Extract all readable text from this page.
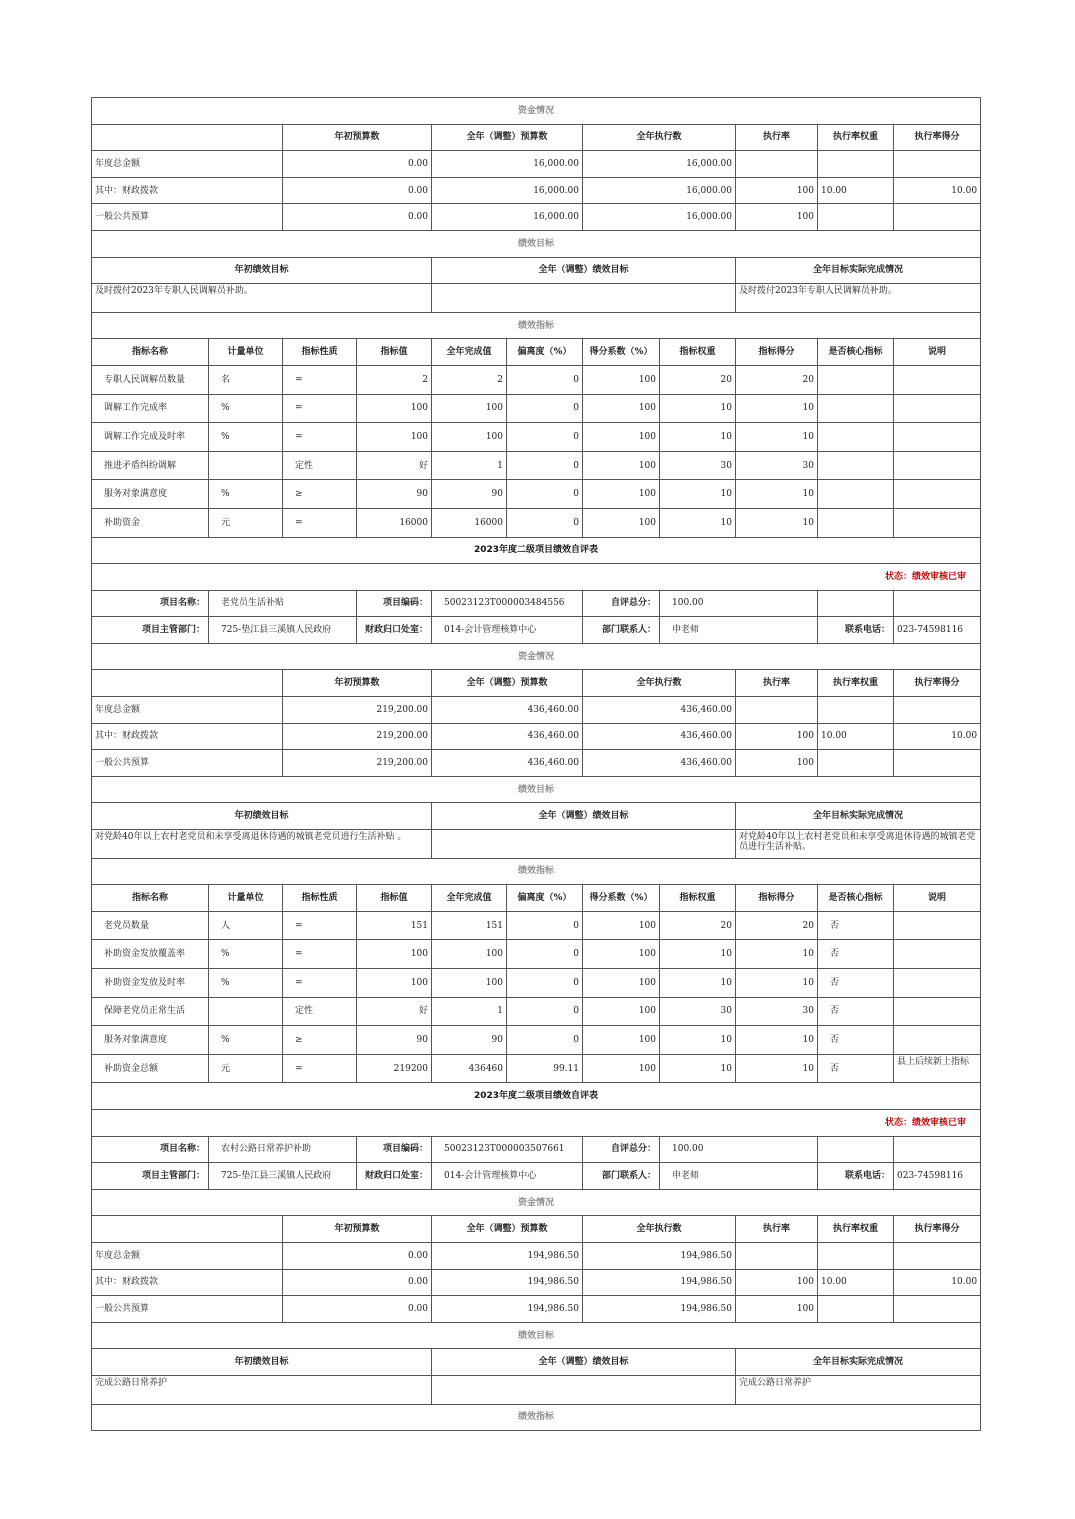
资金情况										
		年初预算数		全年（调整）预算数		全年执行数		执行率	执行率权重	执行率得分
年度总金额		0.00		16,000.00		16,000.00				
其中：财政拨款		0.00		16,000.00		16,000.00		100	10.00	10.00
一般公共预算		0.00		16,000.00		16,000.00		100		
绩效目标										
年初绩效目标				全年（调整）绩效目标				全年目标实际完成情况		
及时拨付2023年专职人民调解员补助。								及时拨付2023年专职人民调解员补助。		
绩效指标										
指标名称	计量单位	指标性质	指标值	全年完成值	偏离度（%）	得分系数（%）	指标权重	指标得分	是否核心指标	说明
专职人民调解员数量	名	=	2	2	0	100	20	20		
调解工作完成率	%	=	100	100	0	100	10	10		
调解工作完成及时率	%	=	100	100	0	100	10	10		
推进矛盾纠纷调解		定性	好	1	0	100	30	30		
服务对象满意度	%	≥	90	90	0	100	10	10		
补助资金	元	=	16000	16000	0	100	10	10		
2023年度二级项目绩效自评表										
状态：绩效审核已审										
项目名称：	老党员生活补贴		项目编码：	50023123T000003484556		自评总分：	100.00			
项目主管部门：	725-垫江县三溪镇人民政府		财政归口处室：	014-会计管理核算中心		部门联系人：	申老师		联系电话：	023-74598116
资金情况										
		年初预算数		全年（调整）预算数		全年执行数		执行率	执行率权重	执行率得分
年度总金额		219,200.00		436,460.00		436,460.00				
其中：财政拨款		219,200.00		436,460.00		436,460.00		100	10.00	10.00
一般公共预算		219,200.00		436,460.00		436,460.00		100		
绩效目标										
年初绩效目标				全年（调整）绩效目标				全年目标实际完成情况		
对党龄40年以上农村老党员和未享受离退休待遇的城镇老党员进行生活补贴 。								对党龄40年以上农村老党员和未享受离退休待遇的城镇老党员进行生活补贴。		
绩效指标										
指标名称	计量单位	指标性质	指标值	全年完成值	偏离度（%）	得分系数（%）	指标权重	指标得分	是否核心指标	说明
老党员数量	人	=	151	151	0	100	20	20	否	
补助资金发放覆盖率	%	=	100	100	0	100	10	10	否	
补助资金发放及时率	%	=	100	100	0	100	10	10	否	
保障老党员正常生活		定性	好	1	0	100	30	30	否	
服务对象满意度	%	≥	90	90	0	100	10	10	否	
补助资金总额	元	=	219200	436460	99.11	100	10	10	否	县上后续新上指标
2023年度二级项目绩效自评表										
状态：绩效审核已审										
项目名称：	农村公路日常养护补助		项目编码：	50023123T000003507661		自评总分：	100.00			
项目主管部门：	725-垫江县三溪镇人民政府		财政归口处室：	014-会计管理核算中心		部门联系人：	申老师		联系电话：	023-74598116
资金情况										
		年初预算数		全年（调整）预算数		全年执行数		执行率	执行率权重	执行率得分
年度总金额		0.00		194,986.50		194,986.50				
其中：财政拨款		0.00		194,986.50		194,986.50		100	10.00	10.00
一般公共预算		0.00		194,986.50		194,986.50		100		
绩效目标										
年初绩效目标				全年（调整）绩效目标				全年目标实际完成情况		
完成公路日常养护								完成公路日常养护		
绩效指标										
